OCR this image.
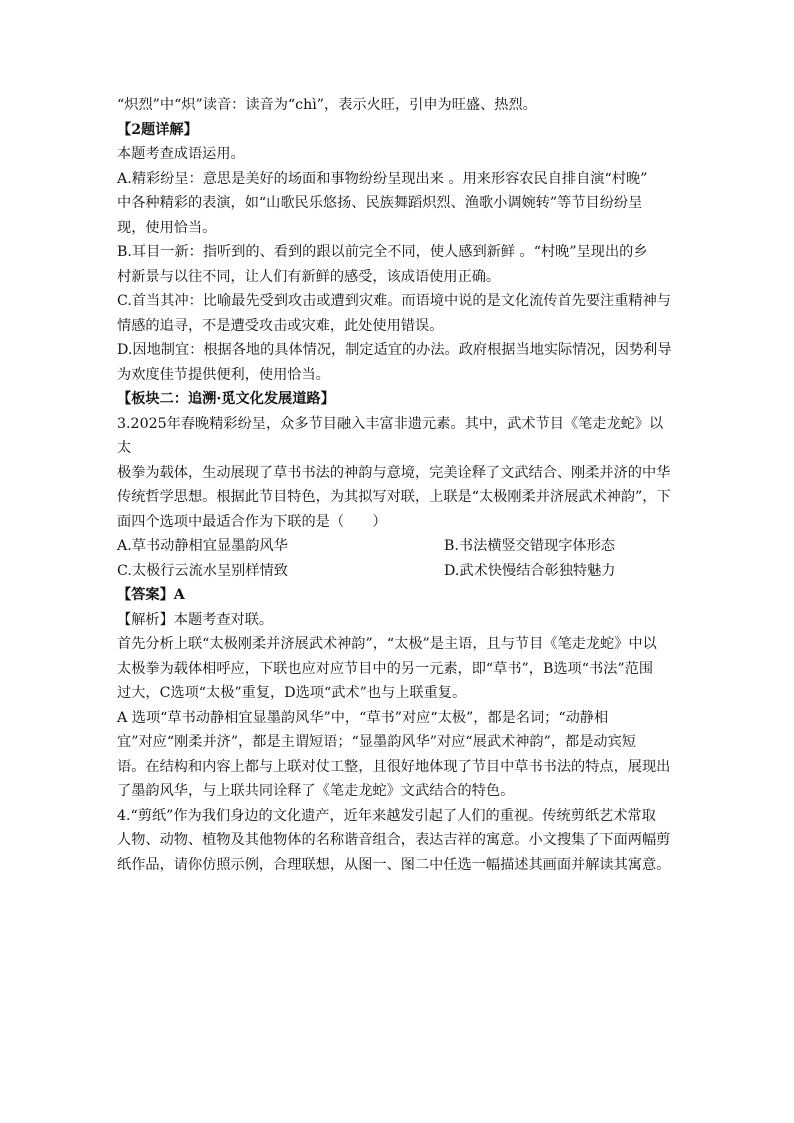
“炽烈”中“炽”读音：读音为“chì”，表示火旺，引申为旺盛、热烈。

【2题详解】

本题考查成语运用。

A.精彩纷呈：意思是美好的场面和事物纷纷呈现出来 。用来形容农民自排自演“村晚”

中各种精彩的表演，如“山歌民乐悠扬、民族舞蹈炽烈、渔歌小调婉转”等节目纷纷呈

现，使用恰当。

B.耳目一新：指听到的、看到的跟以前完全不同，使人感到新鲜 。“村晚”呈现出的乡

村新景与以往不同，让人们有新鲜的感受，该成语使用正确。

C.首当其冲：比喻最先受到攻击或遭到灾难。而语境中说的是文化流传首先要注重精神与

情感的追寻，不是遭受攻击或灾难，此处使用错误。

D.因地制宜：根据各地的具体情况，制定适宜的办法。政府根据当地实际情况，因势利导

为欢度佳节提供便利，使用恰当。

【板块二：追溯·觅文化发展道路】

3.2025年春晚精彩纷呈，众多节目融入丰富非遗元素。其中，武术节目《笔走龙蛇》以太

极拳为载体，生动展现了草书书法的神韵与意境，完美诠释了文武结合、刚柔并济的中华

传统哲学思想。根据此节目特色，为其拟写对联，上联是“太极刚柔并济展武术神韵”，下

面四个选项中最适合作为下联的是（　　）

A.草书动静相宜显墨韵风华	B.书法横竖交错现字体形态

C.太极行云流水呈别样情致	D.武术快慢结合彰独特魅力

【答案】A

【解析】本题考查对联。

首先分析上联“太极刚柔并济展武术神韵”，“太极”是主语，且与节目《笔走龙蛇》中以

太极拳为载体相呼应，下联也应对应节目中的另一元素，即“草书”，B选项“书法”范围

过大，C选项“太极”重复，D选项“武术”也与上联重复。

A 选项“草书动静相宜显墨韵风华”中，“草书”对应“太极”，都是名词；“动静相

宜”对应“刚柔并济”，都是主谓短语；“显墨韵风华”对应“展武术神韵”，都是动宾短

语。在结构和内容上都与上联对仗工整，且很好地体现了节目中草书书法的特点，展现出

了墨韵风华，与上联共同诠释了《笔走龙蛇》文武结合的特色。

4.“剪纸”作为我们身边的文化遗产，近年来越发引起了人们的重视。传统剪纸艺术常取

人物、动物、植物及其他物体的名称谐音组合，表达吉祥的寓意。小文搜集了下面两幅剪

纸作品，请你仿照示例，合理联想，从图一、图二中任选一幅描述其画面并解读其寓意。
